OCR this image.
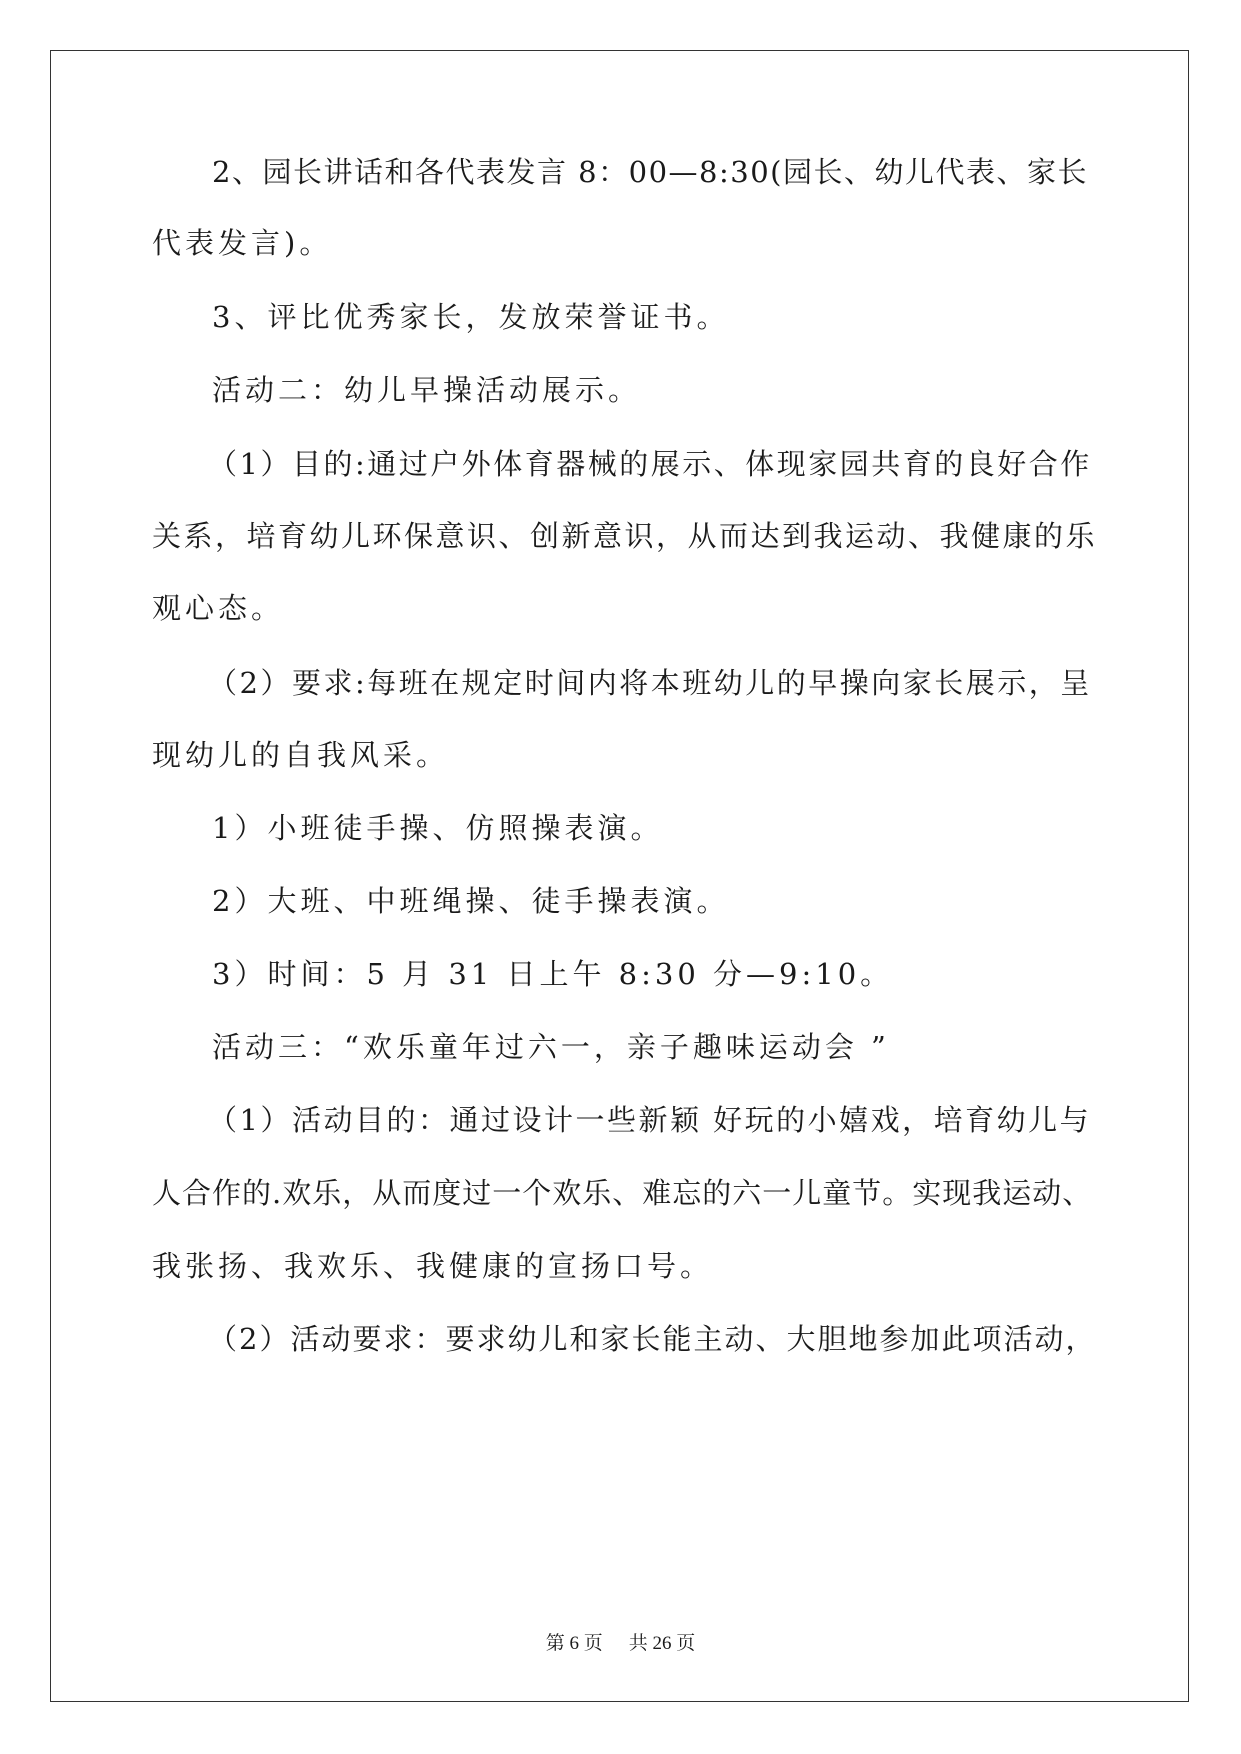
2、园长讲话和各代表发言 8：00—8:30(园长、幼儿代表、家长
代表发言)。
3、评比优秀家长，发放荣誉证书。
活动二：幼儿早操活动展示。
（1）目的:通过户外体育器械的展示、体现家园共育的良好合作
关系，培育幼儿环保意识、创新意识，从而达到我运动、我健康的乐
观心态。
（2）要求:每班在规定时间内将本班幼儿的早操向家长展示，呈
现幼儿的自我风采。
1）小班徒手操、仿照操表演。
2）大班、中班绳操、徒手操表演。
3）时间：5 月 31 日上午 8:30 分—9:10。
活动三：“欢乐童年过六一，亲子趣味运动会 ”
（1）活动目的：通过设计一些新颖 好玩的小嬉戏，培育幼儿与
人合作的.欢乐，从而度过一个欢乐、难忘的六一儿童节。实现我运动、
我张扬、我欢乐、我健康的宣扬口号。
（2）活动要求：要求幼儿和家长能主动、大胆地参加此项活动，
第 6 页 共 26 页
